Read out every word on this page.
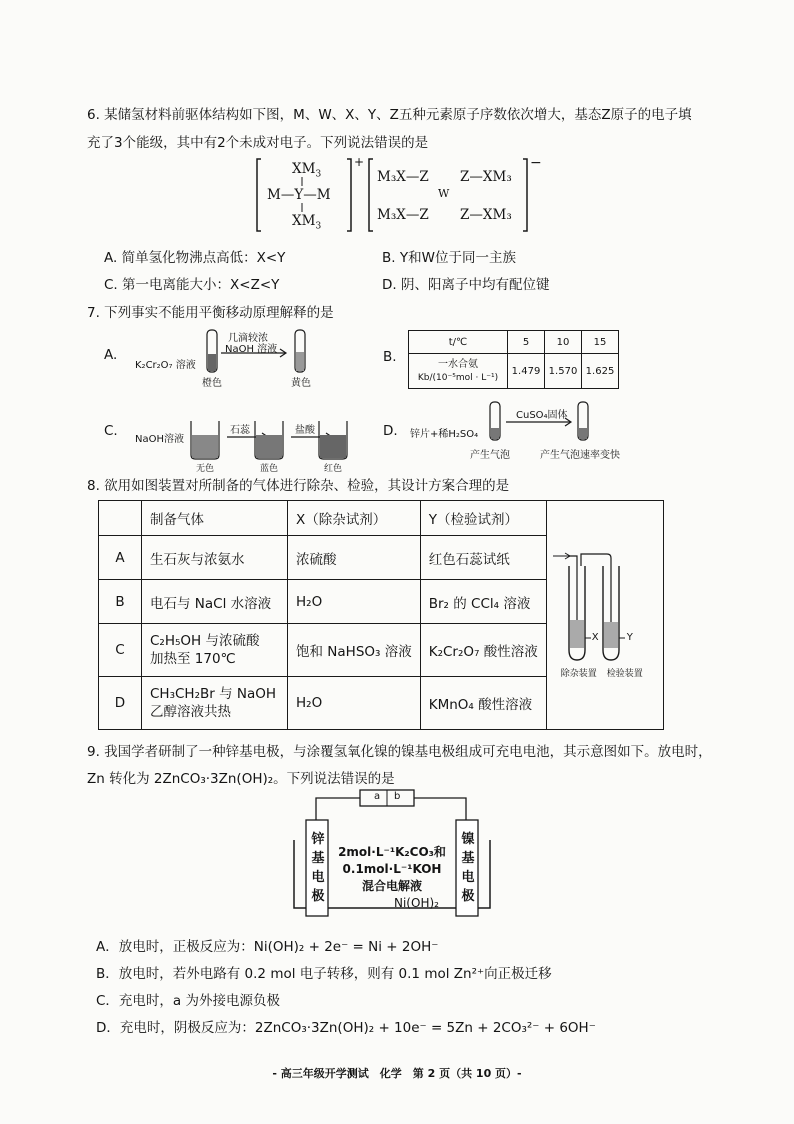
6. 某储氢材料前驱体结构如下图，M、W、X、Y、Z五种元素原子序数依次增大，基态Z原子的电子填
充了3个能级，其中有2个未成对电子。下列说法错误的是
$XM_3$
M—Y—M
$XM_3$
+
M₃X—Z Z—XM₃
W
M₃X—Z Z—XM₃
−
A. 简单氢化物沸点高低：X<Y	B. Y和W位于同一主族
C. 第一电离能大小：X<Z<Y	D. 阴、阳离子中均有配位键
7. 下列事实不能用平衡移动原理解释的是
A.
K₂Cr₂O₇ 溶液
几滴较浓
NaOH 溶液
橙色	黄色
B.
t/℃	5	10	15
一水合氨
Kb/(10⁻⁵mol · L⁻¹)	1.479	1.570	1.625
C.
NaOH溶液
石蕊	盐酸
无色	蓝色	红色
D. 锌片+稀H₂SO₄
CuSO₄固体
产生气泡	产生气泡速率变快
8. 欲用如图装置对所制备的气体进行除杂、检验，其设计方案合理的是
	制备气体	X（除杂试剂）	Y（检验试剂）	X Y
除杂装置 检验装置

A	生石灰与浓氨水	浓硫酸	红色石蕊试纸	
B	电石与 NaCl 水溶液	H₂O	Br₂ 的 CCl₄ 溶液	
C	C₂H₅OH 与浓硫酸
加热至 170℃	饱和 NaHSO₃ 溶液	K₂Cr₂O₇ 酸性溶液	
D	CH₃CH₂Br 与 NaOH
乙醇溶液共热	H₂O	KMnO₄ 酸性溶液	
9. 我国学者研制了一种锌基电极，与涂覆氢氧化镍的镍基电极组成可充电电池，其示意图如下。放电时，
Zn 转化为 2ZnCO₃·3Zn(OH)₂。下列说法错误的是
a b
锌
基
电
极
镍
基
电
极
2mol·L⁻¹K₂CO₃和
0.1mol·L⁻¹KOH
混合电解液
Ni(OH)₂
A．放电时，正极反应为：Ni(OH)₂ + 2e⁻ = Ni + 2OH⁻
B．放电时，若外电路有 0.2 mol 电子转移，则有 0.1 mol Zn²⁺向正极迁移
C．充电时，a 为外接电源负极
D．充电时，阴极反应为：2ZnCO₃·3Zn(OH)₂ + 10e⁻ = 5Zn + 2CO₃²⁻ + 6OH⁻
- 高三年级开学测试　化学　第 2 页（共 10 页）-
